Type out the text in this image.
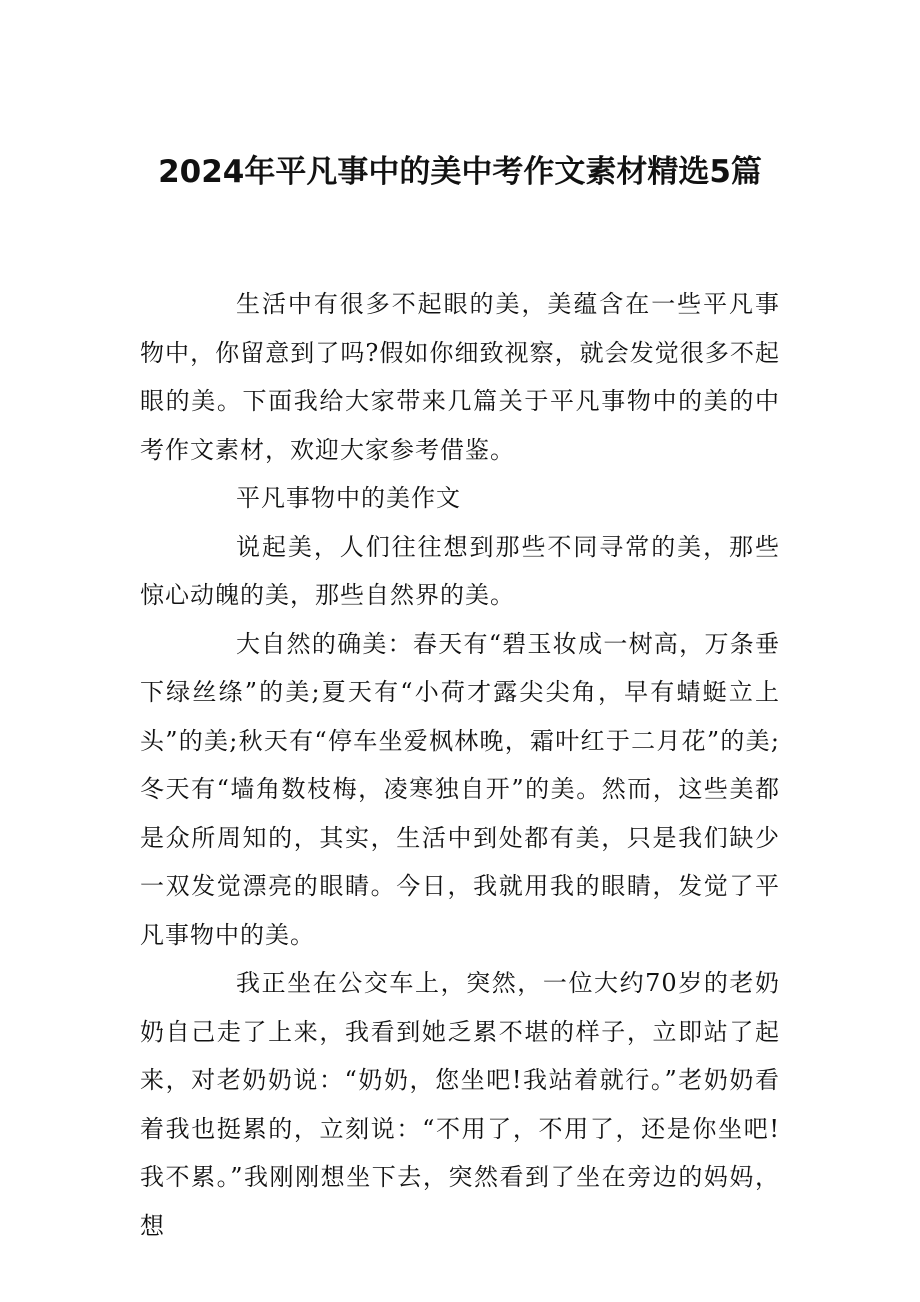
2024年平凡事中的美中考作文素材精选5篇

生活中有很多不起眼的美，美蕴含在一些平凡事物中，你留意到了吗?假如你细致视察，就会发觉很多不起眼的美。下面我给大家带来几篇关于平凡事物中的美的中考作文素材，欢迎大家参考借鉴。

平凡事物中的美作文

说起美，人们往往想到那些不同寻常的美，那些惊心动魄的美，那些自然界的美。

大自然的确美：春天有“碧玉妆成一树高，万条垂下绿丝绦”的美;夏天有“小荷才露尖尖角，早有蜻蜓立上头”的美;秋天有“停车坐爱枫林晚，霜叶红于二月花”的美;冬天有“墙角数枝梅，凌寒独自开”的美。然而，这些美都是众所周知的，其实，生活中到处都有美，只是我们缺少一双发觉漂亮的眼睛。今日，我就用我的眼睛，发觉了平凡事物中的美。

我正坐在公交车上，突然，一位大约70岁的老奶奶自己走了上来，我看到她乏累不堪的样子，立即站了起来，对老奶奶说：“奶奶，您坐吧!我站着就行。”老奶奶看着我也挺累的，立刻说：“不用了，不用了，还是你坐吧!我不累。”我刚刚想坐下去，突然看到了坐在旁边的妈妈，想
